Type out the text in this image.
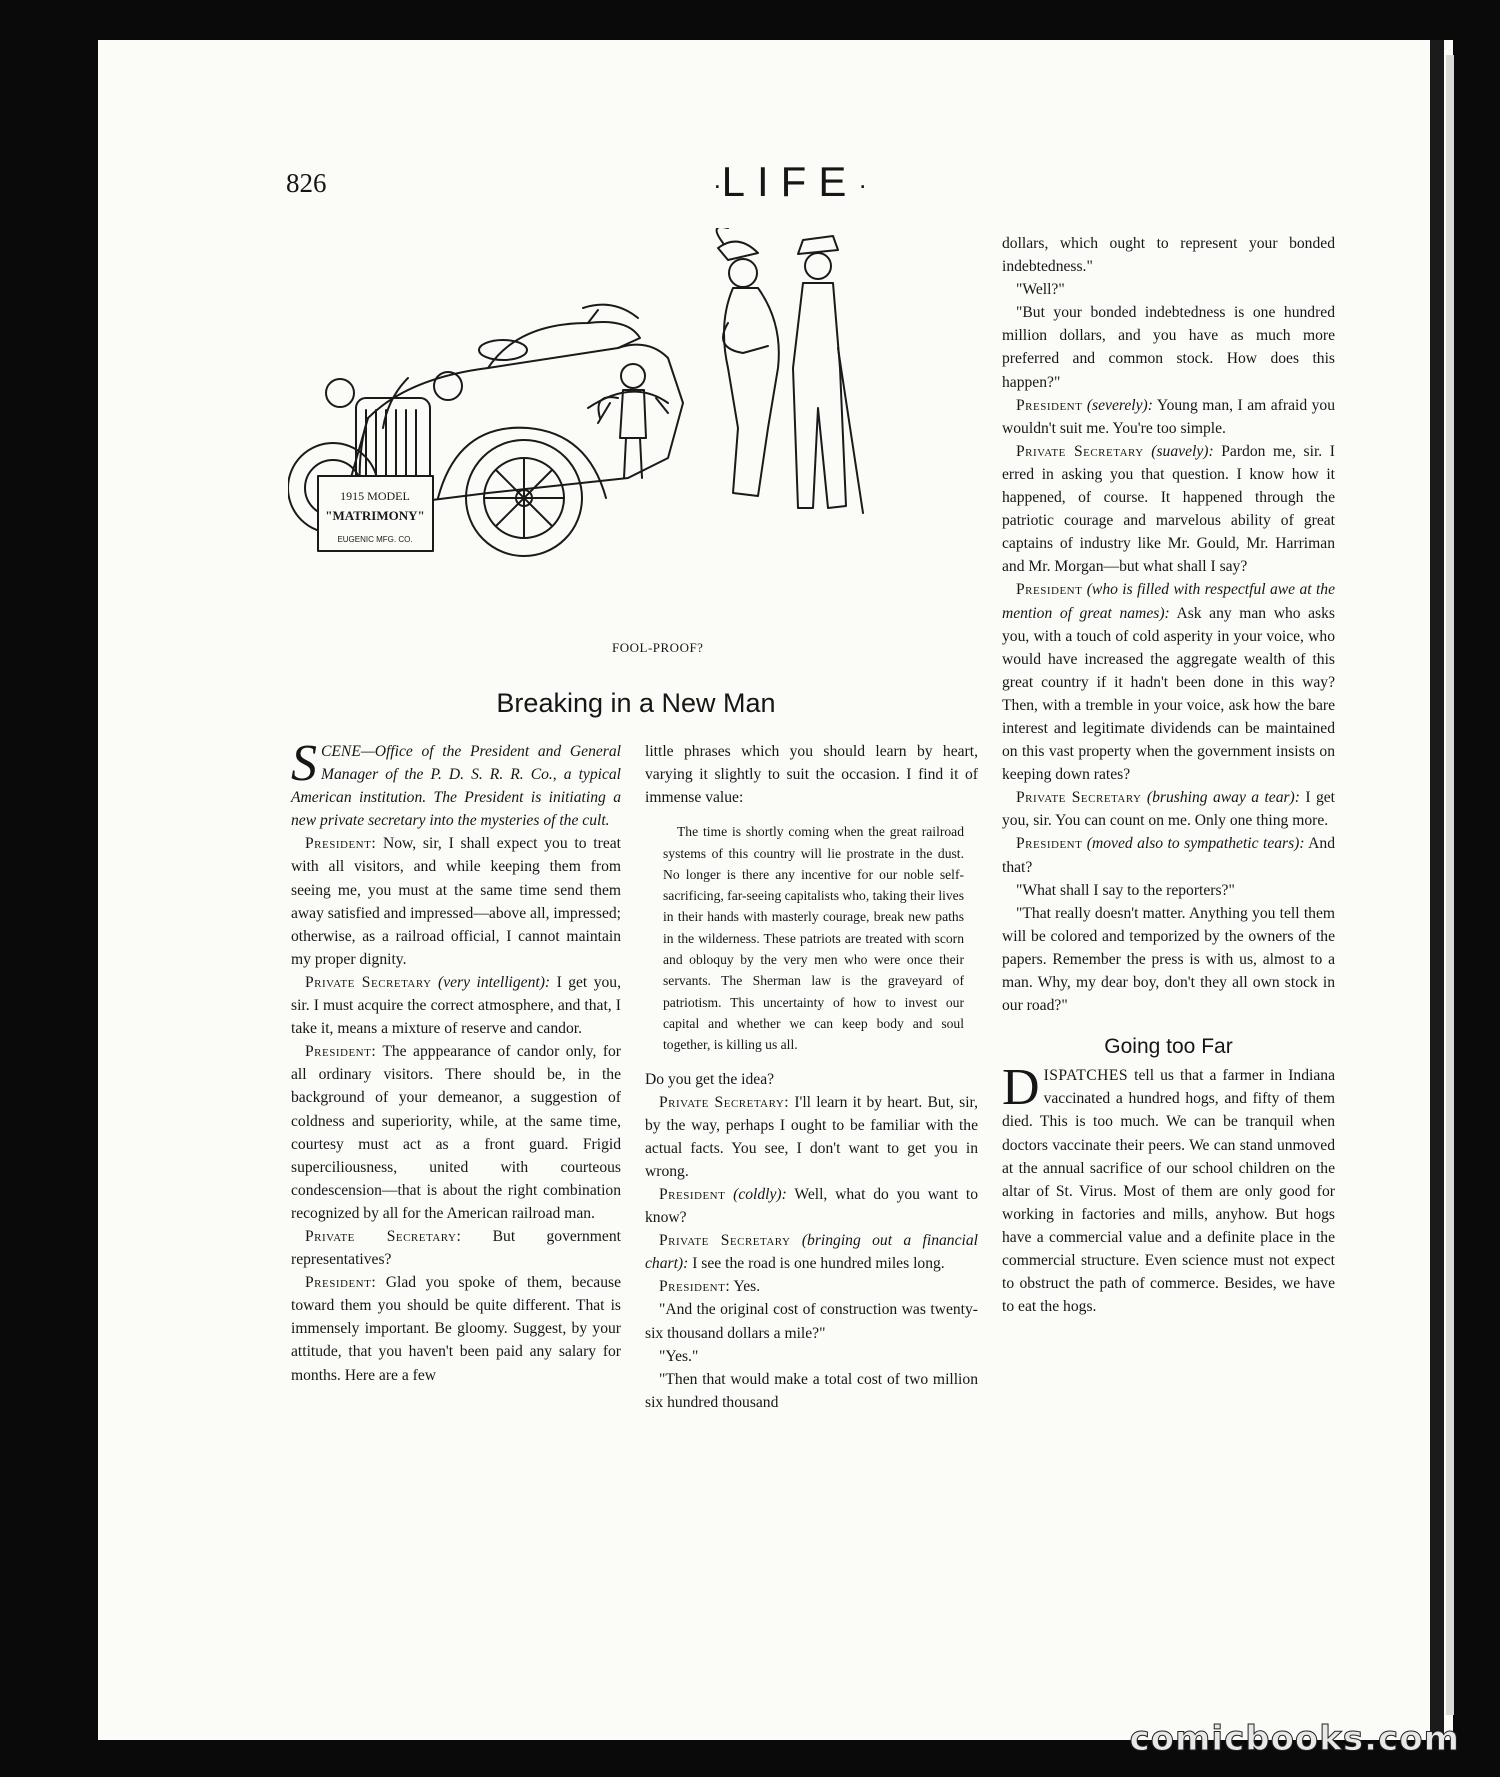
826	·LIFE·
1915 MODEL
"MATRIMONY"
EUGENIC MFG. CO.
FOOL-PROOF?
Breaking in a New Man

SCENE—Office of the President and General Manager of the P. D. S. R. R. Co., a typical American institution. The President is initiating a new private secretary into the mysteries of the cult.

President: Now, sir, I shall expect you to treat with all visitors, and while keeping them from seeing me, you must at the same time send them away satisfied and impressed—above all, impressed; otherwise, as a railroad official, I cannot maintain my proper dignity.

Private Secretary (very intelligent): I get you, sir. I must acquire the correct atmosphere, and that, I take it, means a mixture of reserve and candor.

President: The apppearance of candor only, for all ordinary visitors. There should be, in the background of your demeanor, a suggestion of coldness and superiority, while, at the same time, courtesy must act as a front guard. Frigid superciliousness, united with courteous condescension—that is about the right combination recognized by all for the American railroad man.

Private Secretary: But government representatives?

President: Glad you spoke of them, because toward them you should be quite different. That is immensely important. Be gloomy. Suggest, by your attitude, that you haven't been paid any salary for months. Here are a few

little phrases which you should learn by heart, varying it slightly to suit the occasion. I find it of immense value:

The time is shortly coming when the great railroad systems of this country will lie prostrate in the dust. No longer is there any incentive for our noble self-sacrificing, far-seeing capitalists who, taking their lives in their hands with masterly courage, break new paths in the wilderness. These patriots are treated with scorn and obloquy by the very men who were once their servants. The Sherman law is the graveyard of patriotism. This uncertainty of how to invest our capital and whether we can keep body and soul together, is killing us all.

Do you get the idea?

Private Secretary: I'll learn it by heart. But, sir, by the way, perhaps I ought to be familiar with the actual facts. You see, I don't want to get you in wrong.

President (coldly): Well, what do you want to know?

Private Secretary (bringing out a financial chart): I see the road is one hundred miles long.

President: Yes.

"And the original cost of construction was twenty-six thousand dollars a mile?"

"Yes."

"Then that would make a total cost of two million six hundred thousand

dollars, which ought to represent your bonded indebtedness."

"Well?"

"But your bonded indebtedness is one hundred million dollars, and you have as much more preferred and common stock. How does this happen?"

President (severely): Young man, I am afraid you wouldn't suit me. You're too simple.

Private Secretary (suavely): Pardon me, sir. I erred in asking you that question. I know how it happened, of course. It happened through the patriotic courage and marvelous ability of great captains of industry like Mr. Gould, Mr. Harriman and Mr. Morgan—but what shall I say?

President (who is filled with respectful awe at the mention of great names): Ask any man who asks you, with a touch of cold asperity in your voice, who would have increased the aggregate wealth of this great country if it hadn't been done in this way? Then, with a tremble in your voice, ask how the bare interest and legitimate dividends can be maintained on this vast property when the government insists on keeping down rates?

Private Secretary (brushing away a tear): I get you, sir. You can count on me. Only one thing more.

President (moved also to sympathetic tears): And that?

"What shall I say to the reporters?"

"That really doesn't matter. Anything you tell them will be colored and temporized by the owners of the papers. Remember the press is with us, almost to a man. Why, my dear boy, don't they all own stock in our road?"

Going too Far

DISPATCHES tell us that a farmer in Indiana vaccinated a hundred hogs, and fifty of them died. This is too much. We can be tranquil when doctors vaccinate their peers. We can stand unmoved at the annual sacrifice of our school children on the altar of St. Virus. Most of them are only good for working in factories and mills, anyhow. But hogs have a commercial value and a definite place in the commercial structure. Even science must not expect to obstruct the path of commerce. Besides, we have to eat the hogs.

comicbooks.com
